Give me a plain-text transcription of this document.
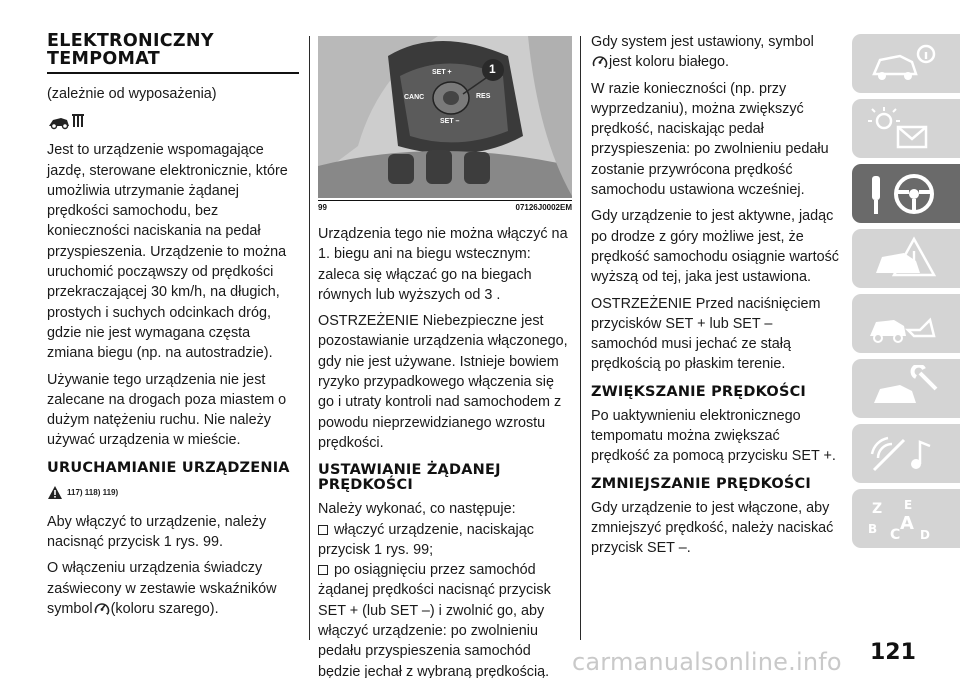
ELEKTRONICZNY TEMPOMAT

(zależnie od wyposażenia)

Jest to urządzenie wspomagające jazdę, sterowane elektronicznie, które umożliwia utrzymanie żądanej prędkości samochodu, bez konieczności naciskania na pedał przyspieszenia. Urządzenie to można uruchomić począwszy od prędkości przekraczającej 30 km/h, na długich, prostych i suchych odcinkach dróg, gdzie nie jest wymagana częsta zmiana biegu (np. na autostradzie).

Używanie tego urządzenia nie jest zalecane na drogach poza miastem o dużym natężeniu ruchu. Nie należy używać urządzenia w mieście.

URUCHAMIANIE URZĄDZENIA
117) 118) 119)

Aby włączyć to urządzenie, należy nacisnąć przycisk 1 rys. 99.

O włączeniu urządzenia świadczy zaświecony w zestawie wskaźników symbol (koloru szarego).

SET +
CANC	RES
SET –
1
99	07126J0002EM

Urządzenia tego nie można włączyć na 1. biegu ani na biegu wstecznym: zaleca się włączać go na biegach równych lub wyższych od 3 .

OSTRZEŻENIE Niebezpieczne jest pozostawianie urządzenia włączonego, gdy nie jest używane. Istnieje bowiem ryzyko przypadkowego włączenia się go i utraty kontroli nad samochodem z powodu nieprzewidzianego wzrostu prędkości.

USTAWIANIE ŻĄDANEJ PRĘDKOŚCI

Należy wykonać, co następuje:

włączyć urządzenie, naciskając przycisk 1 rys. 99;

po osiągnięciu przez samochód żądanej prędkości nacisnąć przycisk SET + (lub SET –) i zwolnić go, aby włączyć urządzenie: po zwolnieniu pedału przyspieszenia samochód będzie jechał z wybraną prędkością.

Gdy system jest ustawiony, symbol
jest koloru białego.

W razie konieczności (np. przy wyprzedzaniu), można zwiększyć prędkość, naciskając pedał przyspieszenia: po zwolnieniu pedału zostanie przywrócona prędkość samochodu ustawiona wcześniej.

Gdy urządzenie to jest aktywne, jadąc po drodze z góry możliwe jest, że prędkość samochodu osiągnie wartość wyższą od tej, jaka jest ustawiona.

OSTRZEŻENIE Przed naciśnięciem przycisków SET + lub SET – samochód musi jechać ze stałą prędkością po płaskim terenie.

ZWIĘKSZANIE PRĘDKOŚCI

Po uaktywnieniu elektronicznego tempomatu można zwiększać prędkość za pomocą przycisku SET +.

ZMNIEJSZANIE PRĘDKOŚCI

Gdy urządzenie to jest włączone, aby zmniejszyć prędkość, należy naciskać przycisk SET –.

Z E
B C
A
D
carmanualsonline.info 121
